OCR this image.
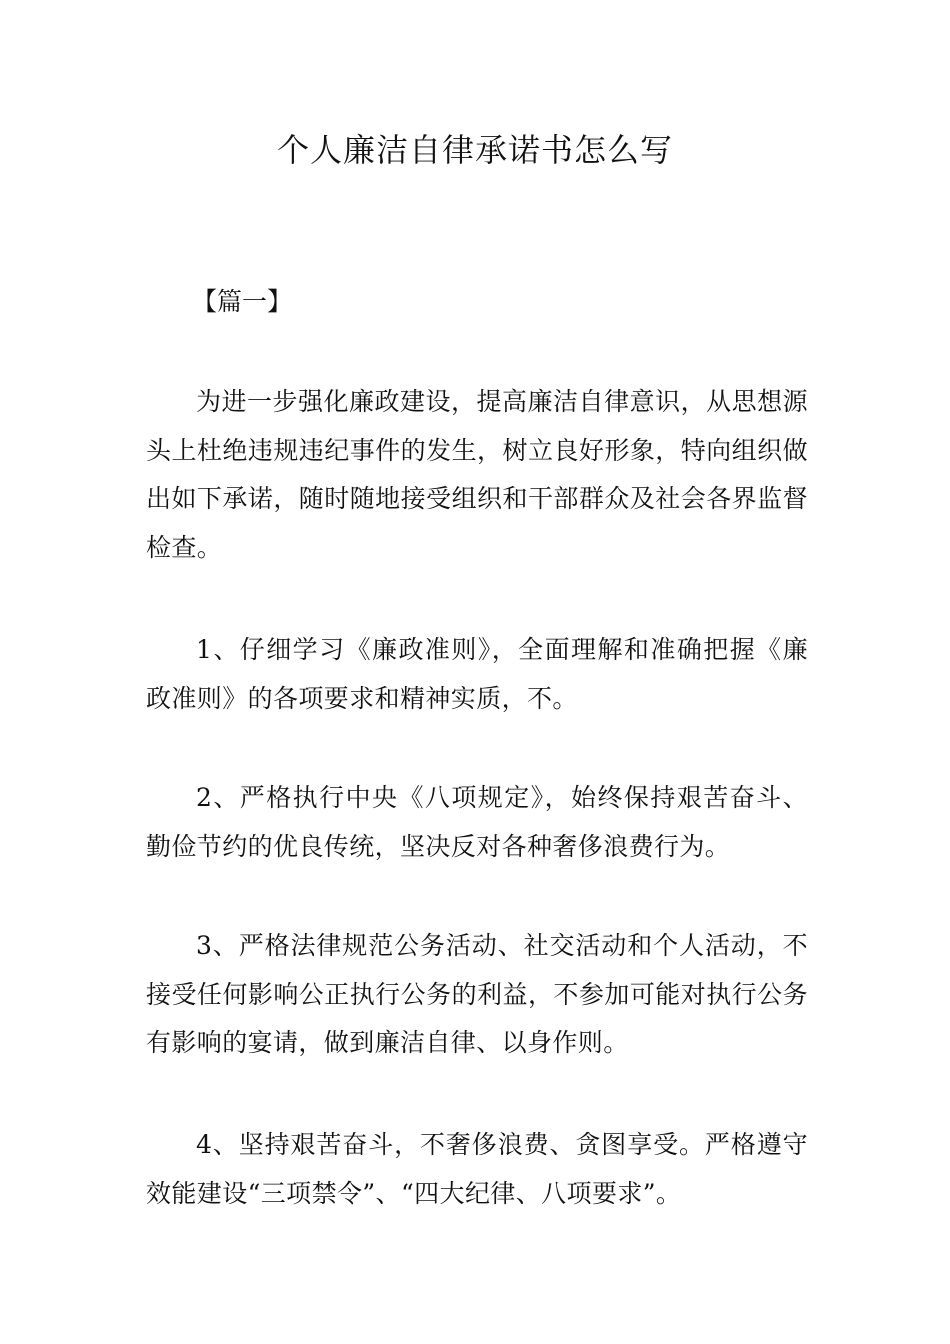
个人廉洁自律承诺书怎么写

【篇一】

为进一步强化廉政建设，提高廉洁自律意识，从思想源头上杜绝违规违纪事件的发生，树立良好形象，特向组织做出如下承诺，随时随地接受组织和干部群众及社会各界监督检查。

1、仔细学习《廉政准则》，全面理解和准确把握《廉政准则》的各项要求和精神实质，不。

2、严格执行中央《八项规定》，始终保持艰苦奋斗、勤俭节约的优良传统，坚决反对各种奢侈浪费行为。

3、严格法律规范公务活动、社交活动和个人活动，不接受任何影响公正执行公务的利益，不参加可能对执行公务有影响的宴请，做到廉洁自律、以身作则。

4、坚持艰苦奋斗，不奢侈浪费、贪图享受。严格遵守效能建设“三项禁令”、“四大纪律、八项要求”。
